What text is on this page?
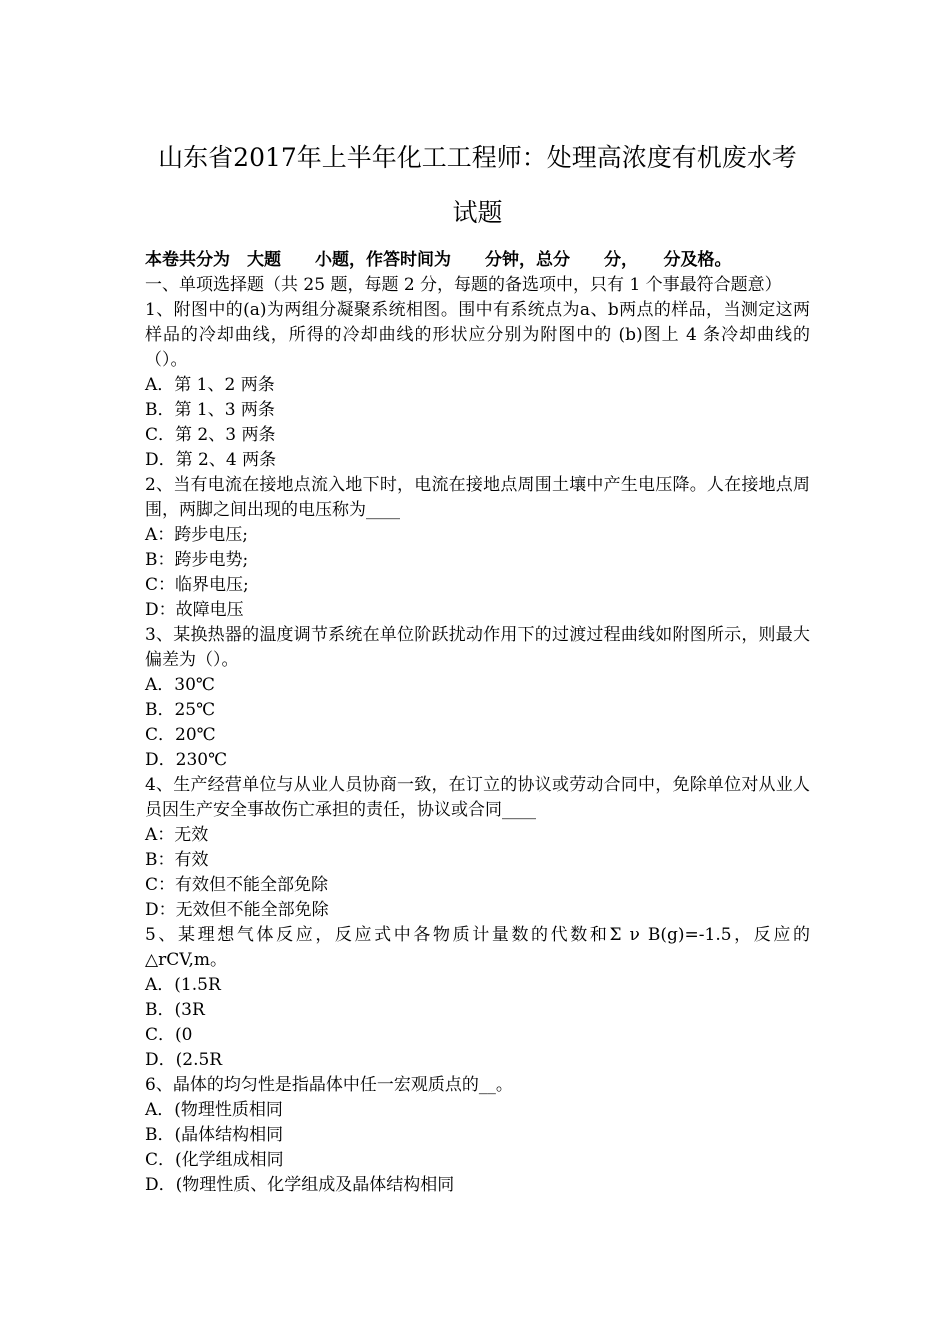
山东省2017年上半年化工工程师：处理高浓度有机废水考
试题
本卷共分为　大题　　小题，作答时间为　　分钟，总分　　分，　　分及格。

一、单项选择题（共 25 题，每题 2 分，每题的备选项中，只有 1 个事最符合题意）

1、附图中的(a)为两组分凝聚系统相图。围中有系统点为a、b两点的样品，当测定这两样品的冷却曲线，所得的冷却曲线的形状应分别为附图中的 (b)图上 4 条冷却曲线的（）。

A．第 1、2 两条

B．第 1、3 两条

C．第 2、3 两条

D．第 2、4 两条

2、当有电流在接地点流入地下时，电流在接地点周围土壤中产生电压降。人在接地点周围，两脚之间出现的电压称为____

A：跨步电压;

B：跨步电势;

C：临界电压;

D：故障电压

3、某换热器的温度调节系统在单位阶跃扰动作用下的过渡过程曲线如附图所示，则最大偏差为（）。

A．30℃

B．25℃

C．20℃

D．230℃

4、生产经营单位与从业人员协商一致，在订立的协议或劳动合同中，免除单位对从业人员因生产安全事故伤亡承担的责任，协议或合同____

A：无效

B：有效

C：有效但不能全部免除

D：无效但不能全部免除

5、某理想气体反应，反应式中各物质计量数的代数和Σ ν B(g)=-1.5，反应的△rCV,m。

A．(1.5R

B．(3R

C．(0

D．(2.5R

6、晶体的均匀性是指晶体中任一宏观质点的__。

A．(物理性质相同

B．(晶体结构相同

C．(化学组成相同

D．(物理性质、化学组成及晶体结构相同
